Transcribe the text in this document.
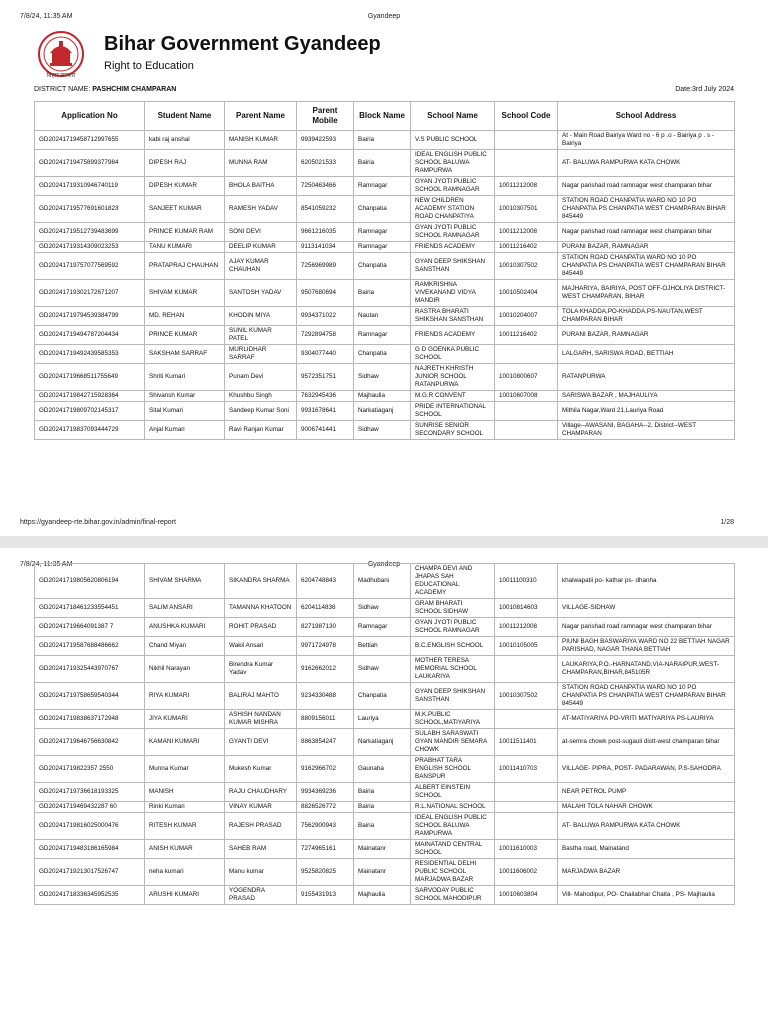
7/8/24, 11:35 AM	Gyandeep
बिहार सरकार
Bihar Government Gyandeep
Right to Education
DISTRICT NAME: PASHCHIM CHAMPARAN	Date:3rd July 2024
Application No	Student Name	Parent Name	Parent Mobile	Block Name	School Name	School Code	School Address
GD20241719458712997655	kabi raj anshal	MANISH KUMAR	9939422593	Bairia	V.S PUBLIC SCHOOL		At - Main Road Bairiya Ward no - 6 p .o - Bairiya p . s - Bairiya
GD20241719475899377984	DIPESH RAJ	MUNNA RAM	6205021533	Bairia	IDEAL ENGLISH PUBLIC SCHOOL BALUWA RAMPURWA		AT- BALUWA RAMPURWA KATA CHOWK
GD20241719310946740119	DIPESH KUMAR	BHOLA BAITHA	7250463466	Ramnagar	GYAN JYOTI PUBLIC SCHOOL RAMNAGAR	10011212008	Nagar parishad road ramnagar west champaran bihar
GD20241719577691601823	SANJEET KUMAR	RAMESH YADAV	8541059232	Chanpatia	NEW CHILDREN ACADEMY STATION ROAD CHANPATIYA	10010307501	STATION ROAD CHANPATIA WARD NO 10 PO CHANPATIA PS CHANPATIA WEST CHAMPARAN BIHAR 845449
GD20241719512739483699	PRINCE KUMAR RAM	SONI DEVI	9661216035	Ramnagar	GYAN JYOTI PUBLIC SCHOOL RAMNAGAR	10011212008	Nagar parishad road ramnagar west champaran bihar
GD20241719314309023253	TANU KUMARI	DEELIP KUMAR	9113141034	Ramnagar	FRIENDS ACADEMY	10011216402	PURANI BAZAR, RAMNAGAR
GD20241719757077569592	PRATAPRAJ CHAUHAN	AJAY KUMAR CHAUHAN	7256969989	Chanpatia	GYAN DEEP SHIKSHAN SANSTHAN	10010307502	STATION ROAD CHANPATIA WARD NO 10 PO CHANPATIA PS CHANPATIA WEST CHAMPARAN BIHAR 845449
GD20241719302172671207	SHIVAM KUMAR	SANTOSH YADAV	9507680694	Bairia	RAMKRISHNA VIVEKANAND VIDYA MANDIR	10010502404	MAJHARIYA, BAIRIYA, POST OFF-OJHOLIYA DISTRICT- WEST CHAMPARAN, BIHAR
GD20241719794539384799	MD. REHAN	KHODIN MIYA	9934371022	Nautan	RASTRA BHARATI SHIKSHAN SANSTHAN	10010204007	TOLA KHADDA,PO-KHADDA,PS-NAUTAN,WEST CHAMPARAN BIHAR
GD20241719494787204434	PRINCE KUMAR	SUNIL KUMAR PATEL	7292894758	Ramnagar	FRIENDS ACADEMY	10011216402	PURANI BAZAR, RAMNAGAR
GD20241719492439585353	SAKSHAM SARRAF	MURLIDHAR SARRAF	9304077440	Chanpatia	G D GOENKA PUBLIC SCHOOL		LALGARH, SARISWA ROAD, BETTIAH
GD20241719668511755649	Shriti Kumari	Punam Devi	9572351751	Sidhaw	NAJRETH KHRISTH JUNIOR SCHOOL RATANPURWA	10010800607	RATANPURWA
GD20241719842715928364	Shivansh Kumar	Khushbu Singh	7632945436	Majhaulia	M.G.R CONVENT	10010607008	SARISWA BAZAR , MAJHAULIYA
GD20241719809702145317	Sital Kumari	Sandeep Kumar Soni	9931678641	Narkatiaganj	PRIDE INTERNATIONAL SCHOOL		Mithila Nagar,Ward 21,Lauriya Road
GD20241719837093444729	Anjal Kumari	Ravi Ranjan Kumar	9006741441	Sidhaw	SUNRISE SENIOR SECONDARY SCHOOL		Village--AWASANI, BAGAHA--2, District--WEST CHAMPARAN
https://gyandeep-rte.bihar.gov.in/admin/final-report	1/28
7/8/24, 11:35 AM	Gyandeep
GD20241719805620806194	SHIVAM SHARMA	SIKANDRA SHARMA	6204748843	Madhubani	CHAMPA DEVI AND JHAPAS SAH EDUCATIONAL ACADEMY	10011100310	khalwapatii po- kathar ps- dhanha
GD20241718461233554451	SALIM ANSARI	TAMANNA KHATOON	6204114836	Sidhaw	GRAM BHARATI SCHOOL SIDHAW	10010814603	VILLAGE-SIDHAW
GD20241719664091387 7	ANUSHKA KUMARI	ROHIT PRASAD	8271987130	Ramnagar	GYAN JYOTI PUBLIC SCHOOL RAMNAGAR	10011212008	Nagar parishad road ramnagar west champaran bihar
GD20241719587688486662	Chand Miyan	Wakil Ansari	9971724978	Bettiah	B.C.ENGLISH SCHOOL	10010105005	PIUNI BAGH BASWARIYA WARD NO 22 BETTIAH NAGAR PARISHAD, NAGAR THANA BETTIAH
GD20241719325443970767	Nikhil Narayan	Birendra Kumar Yadav	9162662012	Sidhaw	MOTHER TERESA MEMORIAL SCHOOL LAUKARIYA		LAUKARIYA,P.O.-HARNATAND,VIA-NARAIPUR,WEST-CHAMPARAN,BIHAR,845105R
GD20241719758659540344	RIYA KUMARI	BALIRAJ MAHTO	9234330488	Chanpatia	GYAN DEEP SHIKSHAN SANSTHAN	10010307502	STATION ROAD CHANPATIA WARD NO 10 PO CHANPATIA PS CHANPATIA WEST CHAMPARAN BIHAR 845449
GD20241719838637172948	JIYA KUMARI	ASHISH NANDAN KUMAR MISHRA	8809156011	Lauriya	M.K.PUBLIC SCHOOL,MATIYARIYA		AT-MATIYARIYA PO-VRITI MATIYARIYA PS-LAURIYA
GD20241719646756630842	KAMANI KUMARI	GYANTI DEVI	8863854247	Narkatiaganj	SULABH SARASWATI GYAN MANDIR SEMARA CHOWK	10011511401	at-semra chowk post-sugauli distt-west champaran bihar
GD20241719822357 2550	Munna Kumar	Mukesh Kumar	9162966702	Gaunaha	PRABHAT TARA ENGLISH SCHOOL BANSPUR	10011410703	VILLAGE- PIPRA, POST- PADARAWAN, P.S-SAHODRA
GD20241719736618193325	MANISH	RAJU CHAUDHARY	9934369236	Bairia	ALBERT EINSTEIN SCHOOL		NEAR PETROL PUMP
GD20241719469432287 60	Rinki Kumari	VINAY KUMAR	8826526772	Bairia	R.L.NATIONAL SCHOOL		MALAHI TOLA NAHAR CHOWK
GD20241719816025000476	RITESH KUMAR	RAJESH PRASAD	7562900943	Bairia	IDEAL ENGLISH PUBLIC SCHOOL BALUWA RAMPURWA		AT- BALUWA RAMPURWA KATA CHOWK
GD20241719483186165984	ANISH KUMAR	SAHEB RAM	7274965161	Mainatanr	MAINATAND CENTRAL SCHOOL	10011610003	Bastha road, Mainatand
GD20241719213017526747	neha kumari	Manu kumar	9525820825	Mainatanr	RESIDENTIAL DELHI PUBLIC SCHOOL MARJADWA BAZAR	10011606002	MARJADWA BAZAR
GD20241718336345952535	ARUSHI KUMARI	YOGENDRA PRASAD	9155431913	Majhaulia	SARVODAY PUBLIC SCHOOL MAHODIPUR	10010603804	Vill- Mahodipur, PO- Chailabhar Chaita , PS- Majhaulia
